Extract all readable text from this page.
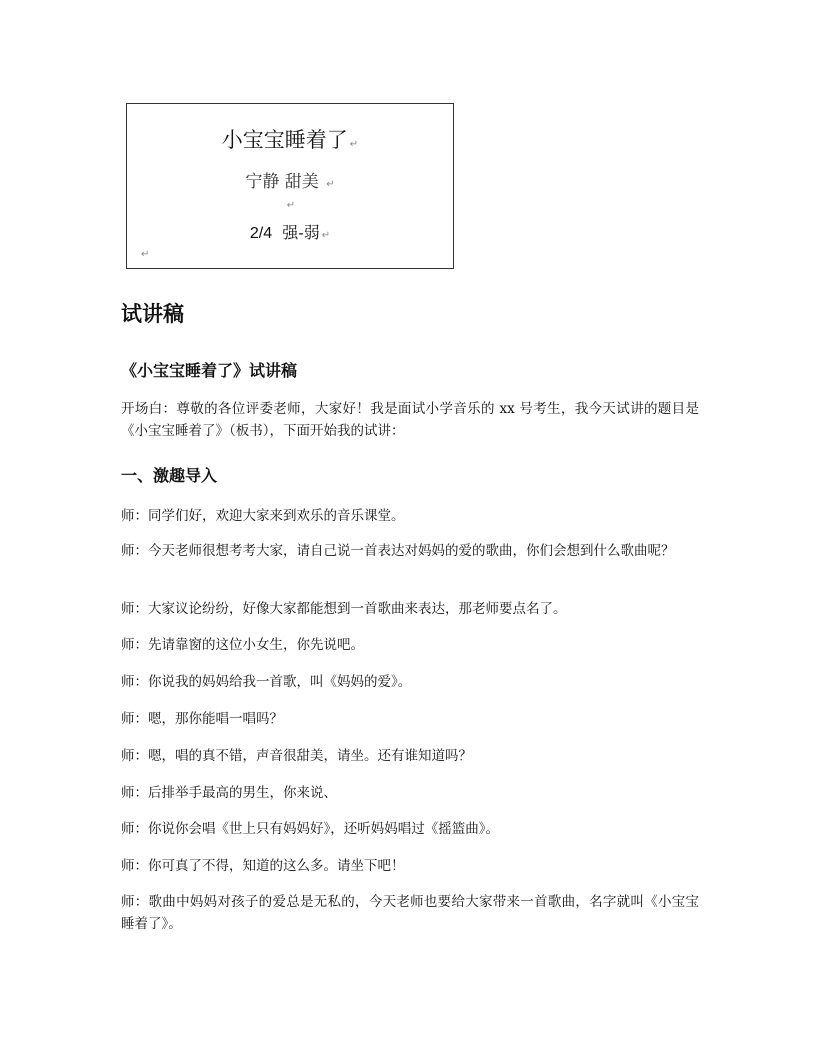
小宝宝睡着了 ↵
宁静 甜美 ↵
↵
2/4 强-弱 ↵
↵
试讲稿
《小宝宝睡着了》试讲稿

开场白：尊敬的各位评委老师，大家好！我是面试小学音乐的 xx 号考生，我今天试讲的题目是《小宝宝睡着了》（板书），下面开始我的试讲：

一、激趣导入

师：同学们好，欢迎大家来到欢乐的音乐课堂。

师：今天老师很想考考大家，请自己说一首表达对妈妈的爱的歌曲，你们会想到什么歌曲呢？

师：大家议论纷纷，好像大家都能想到一首歌曲来表达，那老师要点名了。

师：先请靠窗的这位小女生，你先说吧。

师：你说我的妈妈给我一首歌，叫《妈妈的爱》。

师：嗯，那你能唱一唱吗？

师：嗯，唱的真不错，声音很甜美，请坐。还有谁知道吗？

师：后排举手最高的男生，你来说、

师：你说你会唱《世上只有妈妈好》，还听妈妈唱过《摇篮曲》。

师：你可真了不得，知道的这么多。请坐下吧！

师：歌曲中妈妈对孩子的爱总是无私的，今天老师也要给大家带来一首歌曲，名字就叫《小宝宝睡着了》。
